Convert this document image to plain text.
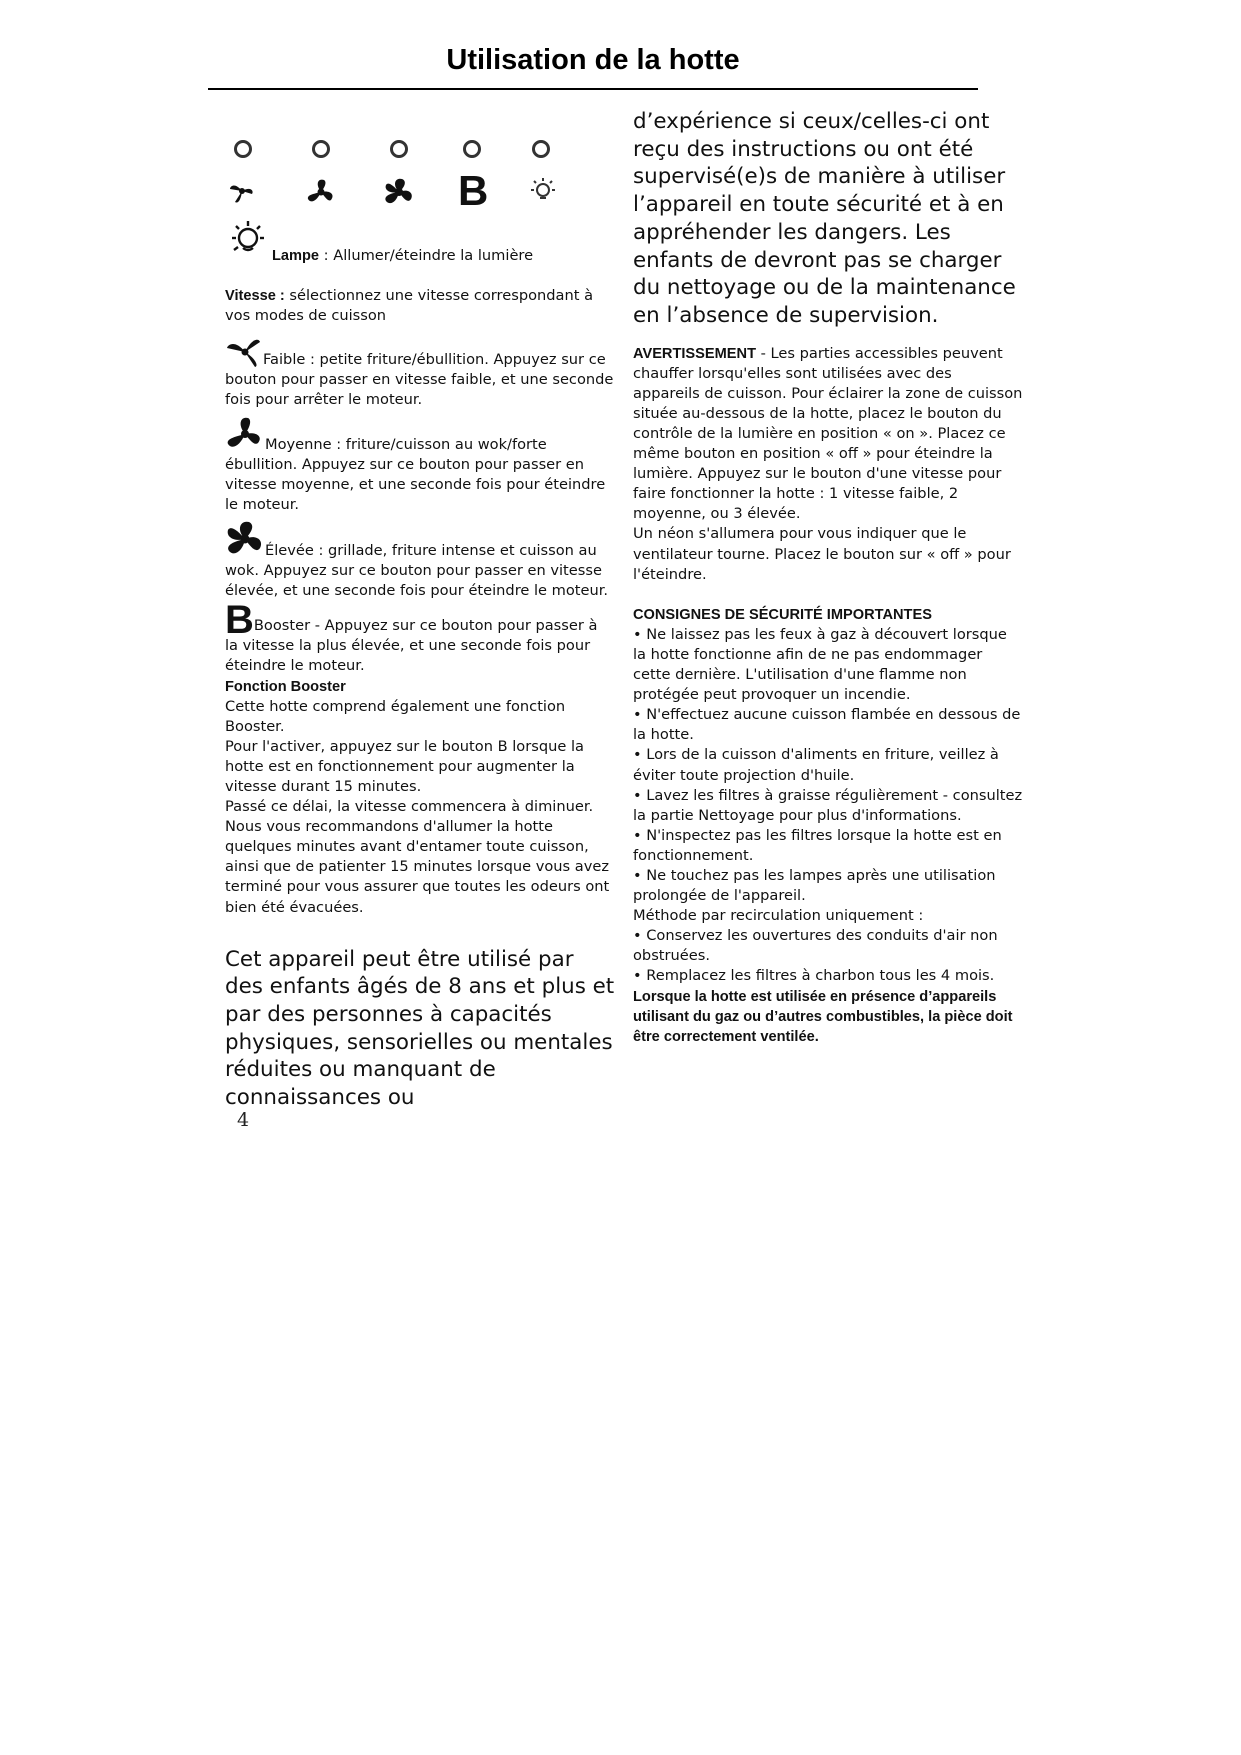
Utilisation de la hotte
B

Lampe : Allumer/éteindre la lumière

Vitesse : sélectionnez une vitesse correspondant à vos modes de cuisson

Faible : petite friture/ébullition. Appuyez sur ce bouton pour passer en vitesse faible, et une seconde fois pour arrêter le moteur.

Moyenne : friture/cuisson au wok/forte ébullition. Appuyez sur ce bouton pour passer en vitesse moyenne, et une seconde fois pour éteindre le moteur.

Élevée : grillade, friture intense et cuisson au wok. Appuyez sur ce bouton pour passer en vitesse élevée, et une seconde fois pour éteindre le moteur.

BBooster - Appuyez sur ce bouton pour passer à la vitesse la plus élevée, et une seconde fois pour éteindre le moteur.

Fonction Booster

Cette hotte comprend également une fonction Booster.

Pour l'activer, appuyez sur le bouton B lorsque la hotte est en fonctionnement pour augmenter la vitesse durant 15 minutes.

Passé ce délai, la vitesse commencera à diminuer.

Nous vous recommandons d'allumer la hotte quelques minutes avant d'entamer toute cuisson, ainsi que de patienter 15 minutes lorsque vous avez terminé pour vous assurer que toutes les odeurs ont bien été évacuées.

Cet appareil peut être utilisé par des enfants âgés de 8 ans et plus et par des personnes à capacités physiques, sensorielles ou mentales réduites ou manquant de connaissances ou

d’expérience si ceux/celles-ci ont reçu des instructions ou ont été supervisé(e)s de manière à utiliser l’appareil en toute sécurité et à en appréhender les dangers. Les enfants de devront pas se charger du nettoyage ou de la maintenance en l’absence de supervision.

AVERTISSEMENT - Les parties accessibles peuvent chauffer lorsqu'elles sont utilisées avec des appareils de cuisson. Pour éclairer la zone de cuisson située au-dessous de la hotte, placez le bouton du contrôle de la lumière en position « on ». Placez ce même bouton en position « off » pour éteindre la lumière. Appuyez sur le bouton d'une vitesse pour faire fonctionner la hotte : 1 vitesse faible, 2 moyenne, ou 3 élevée.

Un néon s'allumera pour vous indiquer que le ventilateur tourne. Placez le bouton sur « off » pour l'éteindre.

CONSIGNES DE SÉCURITÉ IMPORTANTES

• Ne laissez pas les feux à gaz à découvert lorsque la hotte fonctionne afin de ne pas endommager cette dernière. L'utilisation d'une flamme non protégée peut provoquer un incendie.

• N'effectuez aucune cuisson flambée en dessous de la hotte.

• Lors de la cuisson d'aliments en friture, veillez à éviter toute projection d'huile.

• Lavez les filtres à graisse régulièrement - consultez la partie Nettoyage pour plus d'informations.

• N'inspectez pas les filtres lorsque la hotte est en fonctionnement.

• Ne touchez pas les lampes après une utilisation prolongée de l'appareil.

Méthode par recirculation uniquement :

• Conservez les ouvertures des conduits d'air non obstruées.

• Remplacez les filtres à charbon tous les 4 mois.

Lorsque la hotte est utilisée en présence d’appareils utilisant du gaz ou d’autres combustibles, la pièce doit être correctement ventilée.

4
